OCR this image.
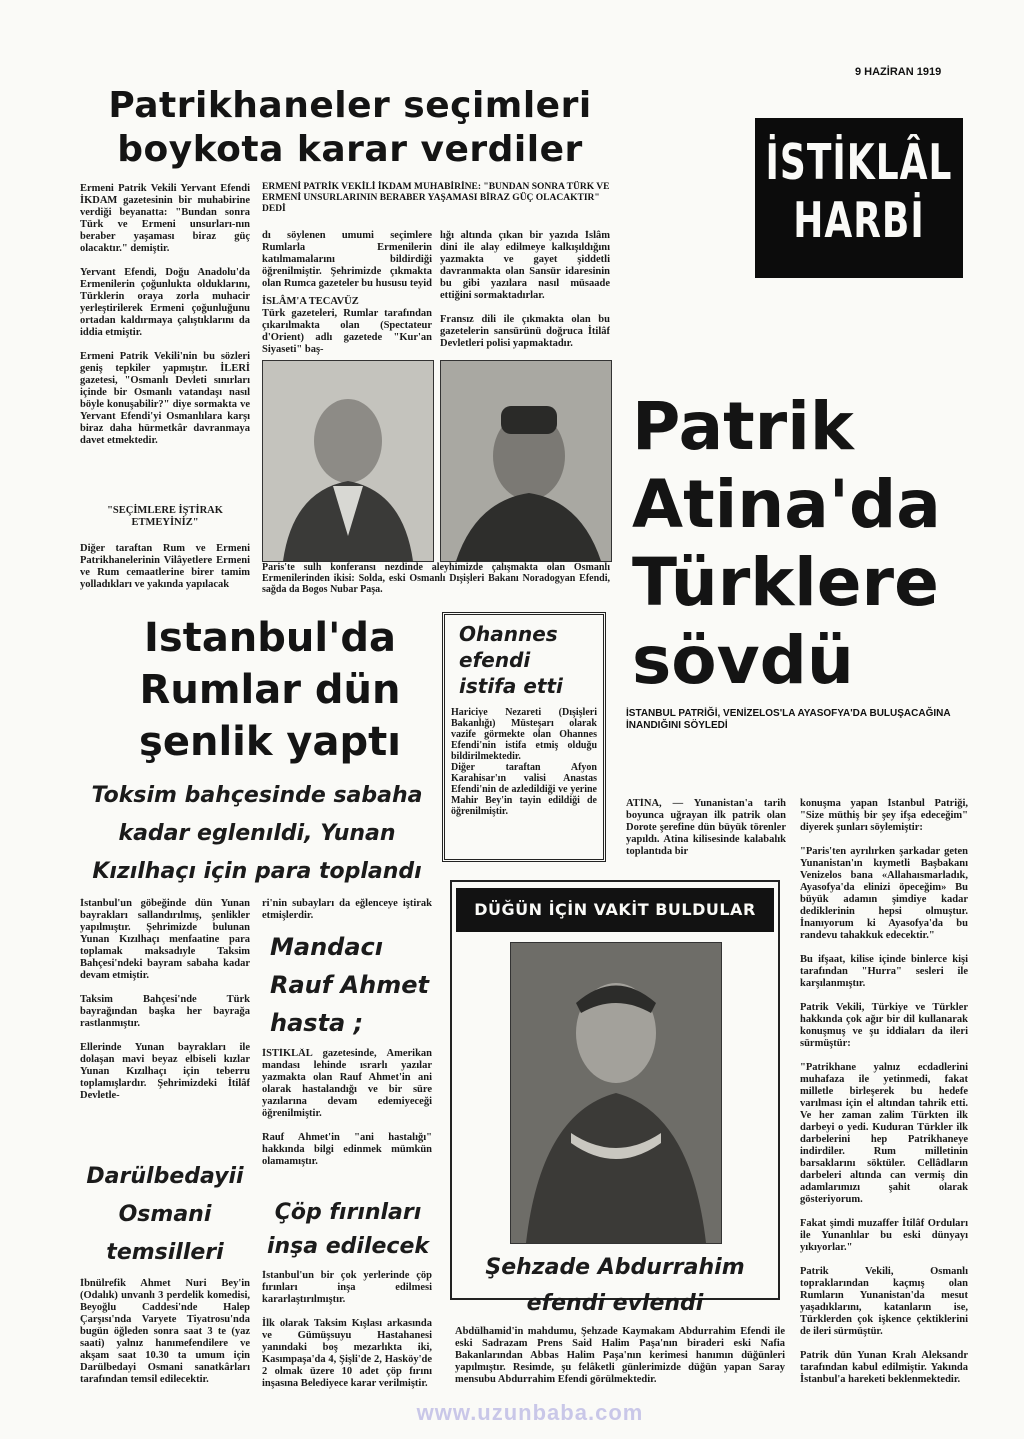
9 HAZİRAN 1919
Patrikhaneler seçimleri
boykota karar verdiler	İSTİKLÂL
HARBİ
ERMENİ PATRİK VEKİLİ İKDAM MUHABİRİNE: "BUNDAN SONRA TÜRK VE ERMENİ UNSURLARININ BERABER YAŞAMASI BİRAZ GÜÇ OLACAKTIR" DEDİ
Ermeni Patrik Vekili Yervant Efendi İKDAM gazetesinin bir muhabirine verdiği beyanatta: "Bundan sonra Türk ve Ermeni unsurları-nın beraber yaşaması biraz güç olacaktır." demiştir.

Yervant Efendi, Doğu Anadolu'da Ermenilerin çoğunlukta olduklarını, Türklerin oraya zorla muhacir yerleştirilerek Ermeni çoğunluğunu ortadan kaldırmaya çalıştıklarını da iddia etmiştir.

Ermeni Patrik Vekili'nin bu sözleri geniş tepkiler yapmıştır. İLERİ gazetesi, "Osmanlı Devleti sınırları içinde bir Osmanlı vatandaşı nasıl böyle konuşabilir?" diye sormakta ve Yervant Efendi'yi Osmanlılara karşı biraz daha hürmetkâr davranmaya davet etmektedir.
"SEÇİMLERE İŞTİRAK ETMEYİNİZ"
Diğer taraftan Rum ve Ermeni Patrikhanelerinin Vilâyetlere Ermeni ve Rum cemaatlerine birer tamim yolladıkları ve yakında yapılacak
dı söylenen umumi seçimlere Rumlarla Ermenilerin katılmamalarını bildirdiği öğrenilmiştir. Şehrimizde çıkmakta olan Rumca gazeteler bu hususu teyid
İSLÂM'A TECAVÜZ
Türk gazeteleri, Rumlar tarafından çıkarılmakta olan (Spectateur d'Orient) adlı gazetede "Kur'an Siyaseti" baş-
lığı altında çıkan bir yazıda İslâm dini ile alay edilmeye kalkışıldığını yazmakta ve gayet şiddetli davranmakta olan Sansür idaresinin bu gibi yazılara nasıl müsaade ettiğini sormaktadırlar.

Fransız dili ile çıkmakta olan bu gazetelerin sansürünü doğruca İtilâf Devletleri polisi yapmaktadır.
Paris'te sulh konferansı nezdinde aleyhimizde çalışmakta olan Osmanlı Ermenilerinden ikisi: Solda, eski Osmanlı Dışişleri Bakanı Noradogyan Efendi, sağda da Bogos Nubar Paşa.
Patrik
Atina'da
Türklere
sövdü
İSTANBUL PATRİĞİ, VENİZELOS'LA AYASOFYA'DA BULUŞACAĞINA İNANDIĞINI SÖYLEDİ
Istanbul'da
Rumlar dün
şenlik yaptı
Toksim bahçesinde sabaha
kadar eglenıldi, Yunan
Kızılhaçı için para toplandı
Ohannes
efendi
istifa etti
Hariciye Nezareti (Dışişleri Bakanlığı) Müsteşarı olarak vazife görmekte olan Ohannes Efendi'nin istifa etmiş olduğu bildirilmektedir.
Diğer taraftan Afyon Karahisar'ın valisi Anastas Efendi'nin de azledildiği ve yerine Mahir Bey'in tayin edildiği de öğrenilmiştir.
ATİNA, — Yunanistan'a tarih boyunca uğrayan ilk patrik olan Dorote şerefine dün büyük törenler yapıldı. Atina kilisesinde kalabalık toplantıda bir
konuşma yapan İstanbul Patriği, "Size müthiş bir şey ifşa edeceğim" diyerek şunları söylemiştir:

"Paris'ten ayrılırken şarkadar geten Yunanistan'ın kıymetli Başbakanı Venizelos bana «Allahaısmarladık, Ayasofya'da elinizi öpeceğim» Bu büyük adamın şimdiye kadar dediklerinin hepsi olmuştur. İnanıyorum ki Ayasofya'da bu randevu tahakkuk edecektir."

Bu ifşaat, kilise içinde binlerce kişi tarafından "Hurra" sesleri ile karşılanmıştır.

Patrik Vekili, Türkiye ve Türkler hakkında çok ağır bir dil kullanarak konuşmuş ve şu iddiaları da ileri sürmüştür:

"Patrikhane yalnız ecdadlerini muhafaza ile yetinmedi, fakat milletle birleşerek bu hedefe varılması için el altından tahrik etti. Ve her zaman zalim Türkten ilk darbeyi o yedi. Kuduran Türkler ilk darbelerini hep Patrikhaneye indirdiler. Rum milletinin barsaklarını söktüler. Cellâdların darbeleri altında can vermiş din adamlarımızı şahit olarak gösteriyorum.

Fakat şimdi muzaffer İtilâf Orduları ile Yunanlılar bu eski dünyayı yıkıyorlar."

Patrik Vekili, Osmanlı topraklarından kaçmış olan Rumların Yunanistan'da mesut yaşadıklarını, katanların ise, Türklerden çok işkence çektiklerini de ileri sürmüştür.

Patrik dün Yunan Kralı Aleksandr tarafından kabul edilmiştir. Yakında İstanbul'a hareketi beklenmektedir.
İstanbul'un göbeğinde dün Yunan bayrakları sallandırılmış, şenlikler yapılmıştır. Şehrimizde bulunan Yunan Kızılhaçı menfaatine para toplamak maksadıyle Taksim Bahçesi'ndeki bayram sabaha kadar devam etmiştir.

Taksim Bahçesi'nde Türk bayrağından başka her bayrağa rastlanmıştır.

Ellerinde Yunan bayrakları ile dolaşan mavi beyaz elbiseli kızlar Yunan Kızılhaçı için teberru toplamışlardır. Şehrimizdeki İtilâf Devletle-
ri'nin subayları da eğlenceye iştirak etmişlerdir.
Mandacı
Rauf Ahmet
hasta ;
İSTİKLÂL gazetesinde, Amerikan mandası lehinde ısrarlı yazılar yazmakta olan Rauf Ahmet'in ani olarak hastalandığı ve bir süre yazılarına devam edemiyeceği öğrenilmiştir.

Rauf Ahmet'in "ani hastalığı" hakkında bilgi edinmek mümkün olamamıştır.
Darülbedayii
Osmani
temsilleri
İbnülrefik Ahmet Nuri Bey'in (Odalık) unvanlı 3 perdelik komedisi, Beyoğlu Caddesi'nde Halep Çarşısı'nda Varyete Tiyatrosu'nda bugün öğleden sonra saat 3 te (yaz saati) yalnız hanımefendilere ve akşam saat 10.30 ta umum için Darülbedayi Osmani sanatkârları tarafından temsil edilecektir.
Çöp fırınları
inşa edilecek
İstanbul'un bir çok yerlerinde çöp fırınları inşa edilmesi kararlaştırılmıştır.

İlk olarak Taksim Kışlası arkasında ve Gümüşsuyu Hastahanesi yanındaki boş mezarlıkta iki, Kasımpaşa'da 4, Şişli'de 2, Hasköy'de 2 olmak üzere 10 adet çöp fırını inşasına Belediyece karar verilmiştir.
DÜĞÜN İÇİN VAKİT BULDULAR
Şehzade Abdurrahim
efendi evlendi
Abdülhamid'in mahdumu, Şehzade Kaymakam Abdurrahim Efendi ile eski Sadrazam Prens Said Halim Paşa'nın biraderi eski Nafia Bakanlarından Abbas Halim Paşa'nın kerimesi hanımın düğünleri yapılmıştır. Resimde, şu felâketli günlerimizde düğün yapan Saray mensubu Abdurrahim Efendi görülmektedir.
www.uzunbaba.com
